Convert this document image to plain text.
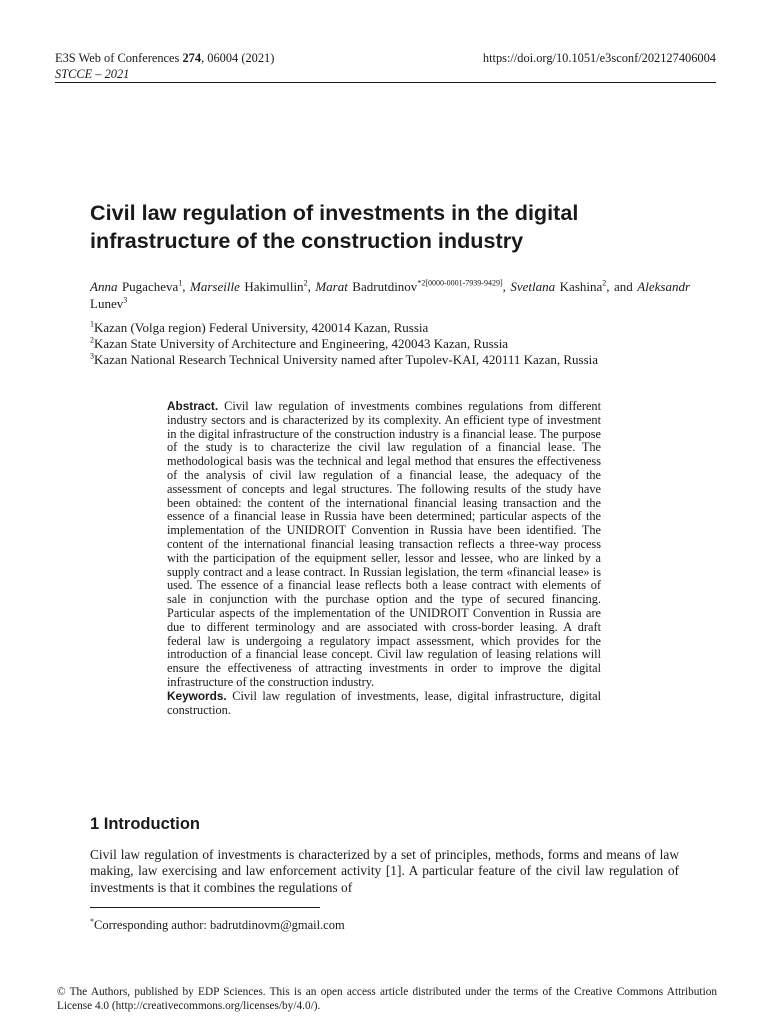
E3S Web of Conferences 274, 06004 (2021)
STCCE – 2021
https://doi.org/10.1051/e3sconf/202127406004
Civil law regulation of investments in the digital infrastructure of the construction industry
Anna Pugacheva$^1$, Marseille Hakimullin$^2$, Marat Badrutdinov$^{*2[0000-0001-7939-9429]}$, Svetlana Kashina$^2$, and Aleksandr Lunev$^3$
$^1$Kazan (Volga region) Federal University, 420014 Kazan, Russia
$^2$Kazan State University of Architecture and Engineering, 420043 Kazan, Russia
$^3$Kazan National Research Technical University named after Tupolev-KAI, 420111 Kazan, Russia
Abstract. Civil law regulation of investments combines regulations from different industry sectors and is characterized by its complexity. An efficient type of investment in the digital infrastructure of the construction industry is a financial lease. The purpose of the study is to characterize the civil law regulation of a financial lease. The methodological basis was the technical and legal method that ensures the effectiveness of the analysis of civil law regulation of a financial lease, the adequacy of the assessment of concepts and legal structures. The following results of the study have been obtained: the content of the international financial leasing transaction and the essence of a financial lease in Russia have been determined; particular aspects of the implementation of the UNIDROIT Convention in Russia have been identified. The content of the international financial leasing transaction reflects a three-way process with the participation of the equipment seller, lessor and lessee, who are linked by a supply contract and a lease contract. In Russian legislation, the term «financial lease» is used. The essence of a financial lease reflects both a lease contract with elements of sale in conjunction with the purchase option and the type of secured financing. Particular aspects of the implementation of the UNIDROIT Convention in Russia are due to different terminology and are associated with cross-border leasing. A draft federal law is undergoing a regulatory impact assessment, which provides for the introduction of a financial lease concept. Civil law regulation of leasing relations will ensure the effectiveness of attracting investments in order to improve the digital infrastructure of the construction industry.
Keywords. Civil law regulation of investments, lease, digital infrastructure, digital construction.
1 Introduction
Civil law regulation of investments is characterized by a set of principles, methods, forms and means of law making, law exercising and law enforcement activity [1]. A particular feature of the civil law regulation of investments is that it combines the regulations of
*Corresponding author: badrutdinovm@gmail.com
© The Authors, published by EDP Sciences. This is an open access article distributed under the terms of the Creative Commons Attribution License 4.0 (http://creativecommons.org/licenses/by/4.0/).
